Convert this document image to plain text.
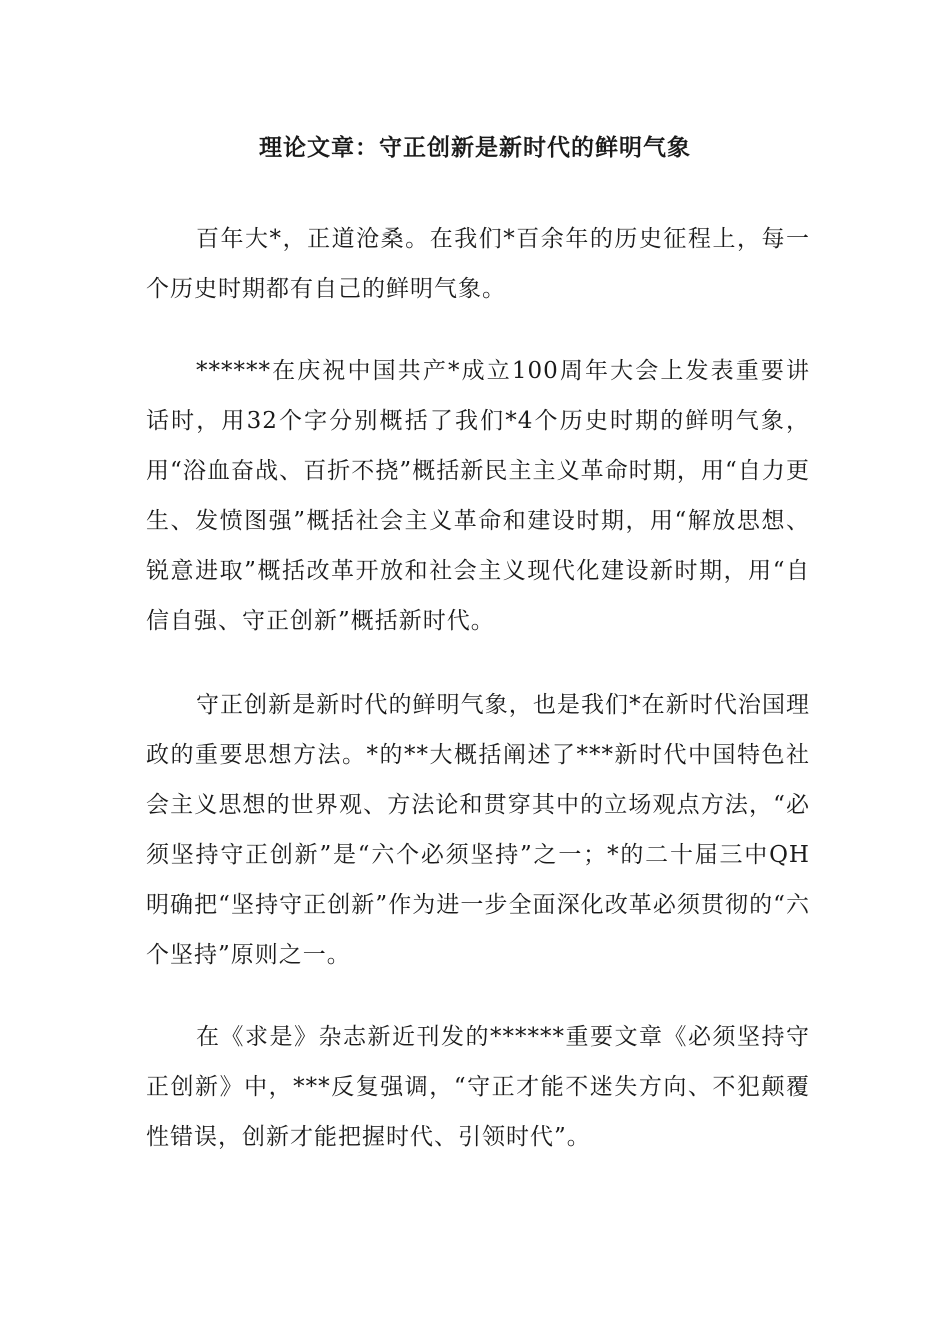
理论文章：守正创新是新时代的鲜明气象

百年大*，正道沧桑。在我们*百余年的历史征程上，每一个历史时期都有自己的鲜明气象。

******在庆祝中国共产*成立100周年大会上发表重要讲话时，用32个字分别概括了我们*4个历史时期的鲜明气象，用“浴血奋战、百折不挠”概括新民主主义革命时期，用“自力更生、发愤图强”概括社会主义革命和建设时期，用“解放思想、锐意进取”概括改革开放和社会主义现代化建设新时期，用“自信自强、守正创新”概括新时代。

守正创新是新时代的鲜明气象，也是我们*在新时代治国理政的重要思想方法。*的**大概括阐述了***新时代中国特色社会主义思想的世界观、方法论和贯穿其中的立场观点方法，“必须坚持守正创新”是“六个必须坚持”之一；*的二十届三中QH明确把“坚持守正创新”作为进一步全面深化改革必须贯彻的“六个坚持”原则之一。

在《求是》杂志新近刊发的******重要文章《必须坚持守正创新》中，***反复强调，“守正才能不迷失方向、不犯颠覆性错误，创新才能把握时代、引领时代”。
